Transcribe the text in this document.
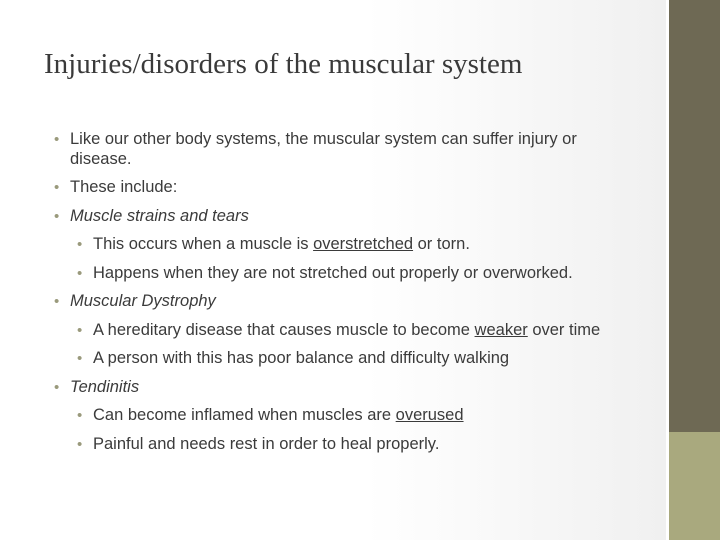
Injuries/disorders of the muscular system
• Like our other body systems, the muscular system can suffer injury or disease.
• These include:
• Muscle strains and tears
• This occurs when a muscle is overstretched or torn.
• Happens when they are not stretched out properly or overworked.
• Muscular Dystrophy
• A hereditary disease that causes muscle to become weaker over time
• A person with this has poor balance and difficulty walking
• Tendinitis
• Can become inflamed when muscles are overused
• Painful and needs rest in order to heal properly.
